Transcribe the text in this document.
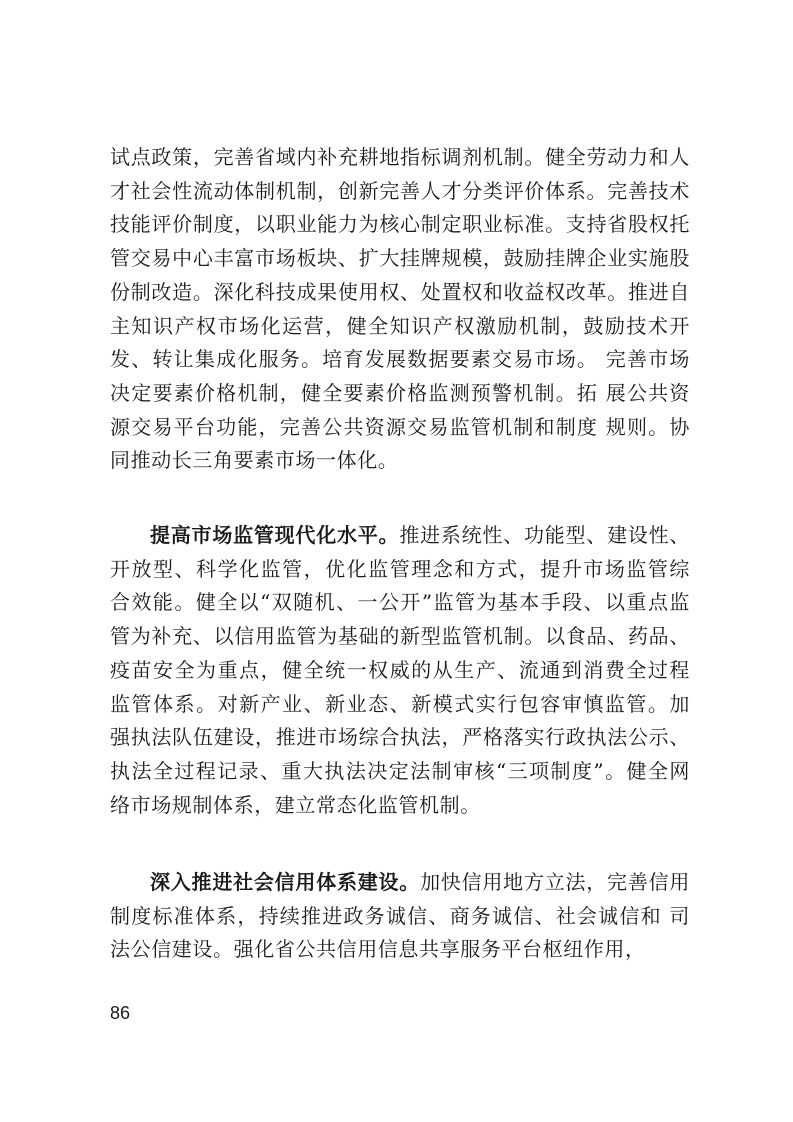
试点政策，完善省域内补充耕地指标调剂机制。健全劳动力和人才社会性流动体制机制，创新完善人才分类评价体系。完善技术技能评价制度，以职业能力为核心制定职业标准。支持省股权托管交易中心丰富市场板块、扩大挂牌规模，鼓励挂牌企业实施股份制改造。深化科技成果使用权、处置权和收益权改革。推进自主知识产权市场化运营，健全知识产权激励机制，鼓励技术开发、转让集成化服务。培育发展数据要素交易市场。 完善市场决定要素价格机制，健全要素价格监测预警机制。拓 展公共资源交易平台功能，完善公共资源交易监管机制和制度 规则。协同推动长三角要素市场一体化。

提高市场监管现代化水平。推进系统性、功能型、建设性、 开放型、科学化监管，优化监管理念和方式，提升市场监管综 合效能。健全以“双随机、一公开”监管为基本手段、以重点监 管为补充、以信用监管为基础的新型监管机制。以食品、药品、 疫苗安全为重点，健全统一权威的从生产、流通到消费全过程 监管体系。对新产业、新业态、新模式实行包容审慎监管。加 强执法队伍建设，推进市场综合执法，严格落实行政执法公示、 执法全过程记录、重大执法决定法制审核“三项制度”。健全网 络市场规制体系，建立常态化监管机制。

深入推进社会信用体系建设。加快信用地方立法，完善信用制度标准体系，持续推进政务诚信、商务诚信、社会诚信和 司法公信建设。强化省公共信用信息共享服务平台枢纽作用，

86
